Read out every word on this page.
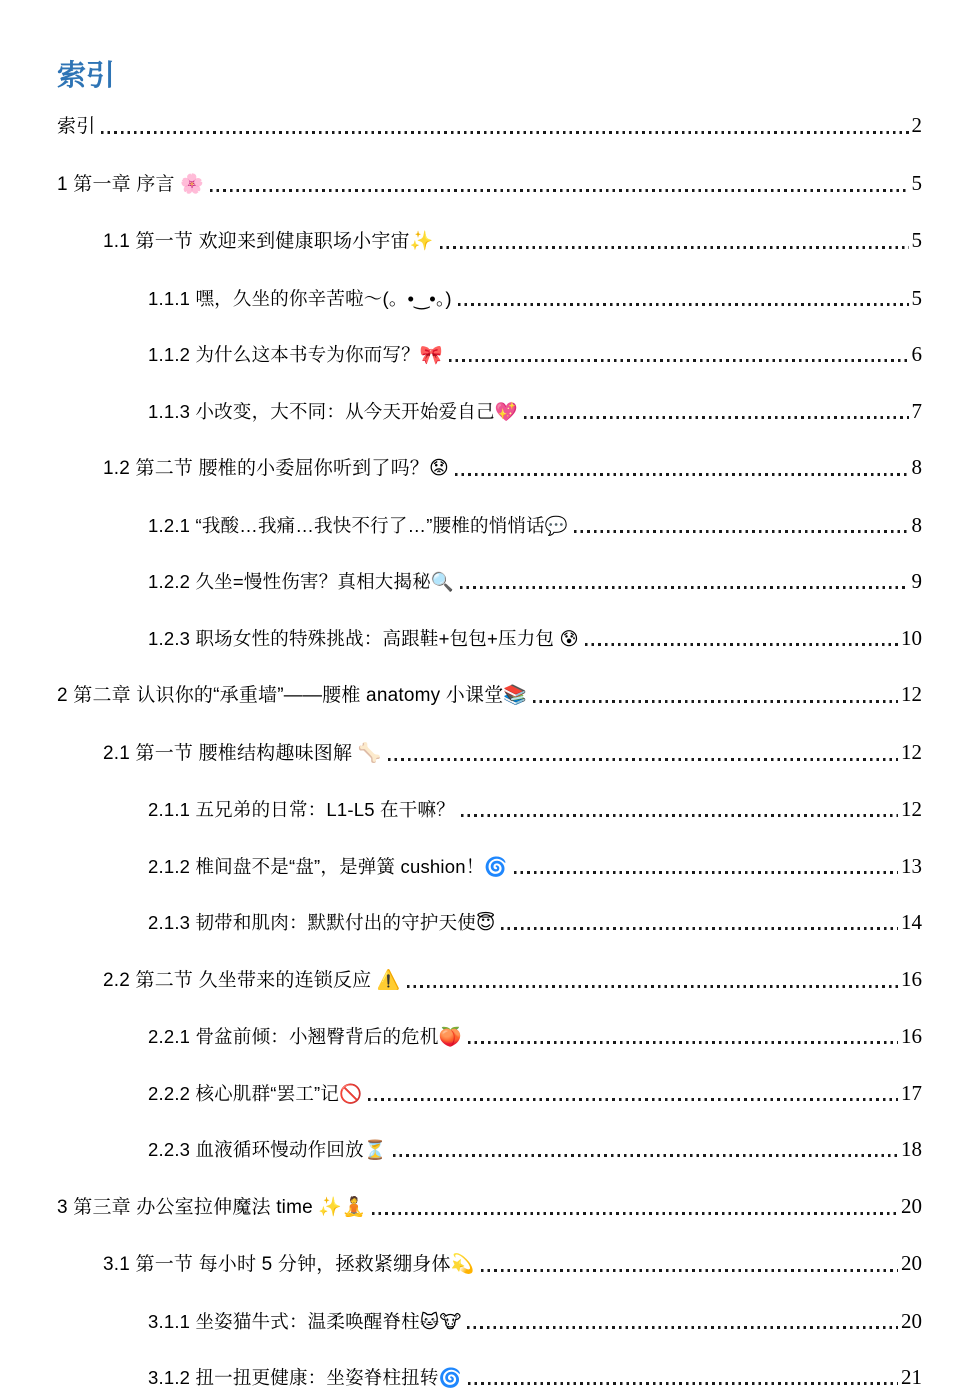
索引
索引	2
1 第一章 序言 🌸	5
1.1 第一节 欢迎来到健康职场小宇宙✨	5
1.1.1 嘿，久坐的你辛苦啦～(。•‿•。)	5
1.1.2 为什么这本书专为你而写？🎀	6
1.1.3 小改变，大不同：从今天开始爱自己💖	7
1.2 第二节 腰椎的小委屈你听到了吗？😟	8
1.2.1 “我酸…我痛…我快不行了…”腰椎的悄悄话💬	8
1.2.2 久坐=慢性伤害？真相大揭秘🔍	9
1.2.3 职场女性的特殊挑战：高跟鞋+包包+压力包 😰	10
2 第二章 认识你的“承重墙”——腰椎 anatomy 小课堂📚	12
2.1 第一节 腰椎结构趣味图解 🦴	12
2.1.1 五兄弟的日常：L1-L5 在干嘛？	12
2.1.2 椎间盘不是“盘”，是弹簧 cushion！🌀	13
2.1.3 韧带和肌肉：默默付出的守护天使😇	14
2.2 第二节 久坐带来的连锁反应 ⚠️	16
2.2.1 骨盆前倾：小翘臀背后的危机🍑	16
2.2.2 核心肌群“罢工”记🚫	17
2.2.3 血液循环慢动作回放⏳	18
3 第三章 办公室拉伸魔法 time ✨🧘	20
3.1 第一节 每小时 5 分钟，拯救紧绷身体💫	20
3.1.1 坐姿猫牛式：温柔唤醒脊柱🐱🐮	20
3.1.2 扭一扭更健康：坐姿脊柱扭转🌀	21
